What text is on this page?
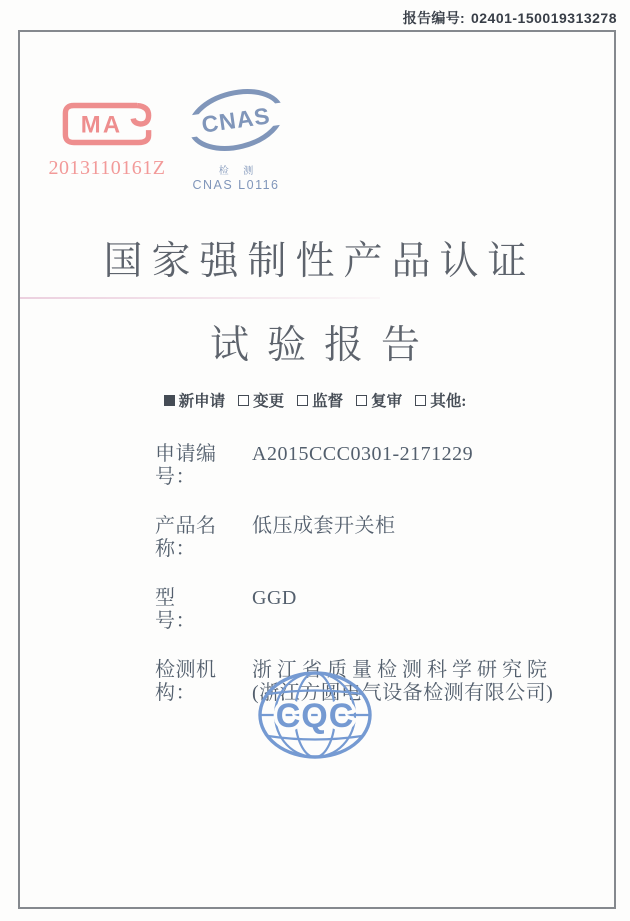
报告编号: 02401-150019313278
MA
2013110161Z
CNAS
检 测
CNAS L0116
国家强制性产品认证
试验报告
新申请 变更 监督 复审 其他:
申请编号：
A2015CCC0301-2171229
产品名称：
低压成套开关柜
型　　号：
GGD
检测机构：
浙江省质量检测科学研究院
(浙江方圆电气设备检测有限公司)
CQC
